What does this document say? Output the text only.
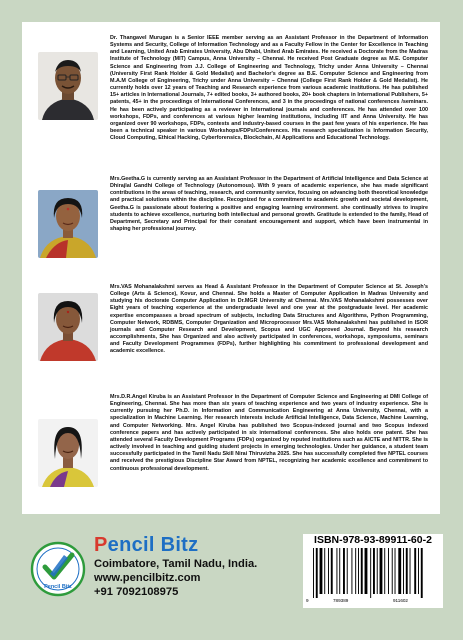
Dr. Thangavel Murugan is a Senior IEEE member serving as an Assistant Professor in the Department of Information Systems and Security, College of Information Technology and as a Faculty Fellow in the Center for Excellence in Teaching and Learning, United Arab Emirates University, Abu Dhabi, United Arab Emirates. He received a Doctorate from the Madras Institute of Technology (MIT) Campus, Anna University – Chennai. He received Post Graduate degree as M.E. Computer Science and Engineering from J.J. College of Engineering and Technology, Trichy under Anna University – Chennai (University First Rank Holder & Gold Medalist) and Bachelor's degree as B.E. Computer Science and Engineering from M.A.M College of Engineering, Trichy under Anna University – Chennai (College First Rank Holder & Gold Medalist). He currently holds over 12 years of Teaching and Research experience from various academic institutions. He has published 15+ articles in International Journals, 7+ edited books, 3+ authored books, 20+ book chapters in International Publishers, 5+ patents, 45+ in the proceedings of International Conferences, and 3 in the proceedings of national conferences /seminars. He has been actively participating as a reviewer in International journals and conferences. He has attended over 100 workshops, FDPs, and conferences at various higher learning institutions, including IIT and Anna University. He has organized over 90 workshops, FDPs, contests and industry-based courses in the past few years of his experience. He has been a technical speaker in various Workshops/FDPs/Conferences. His research specialization is Information Security, Cloud Computing, Ethical Hacking, Cyberforensics, Blockchain, AI Applications and Educational Technology.
Mrs.Geetha.G is currently serving as an Assistant Professor in the Department of Artificial Intelligence and Data Science at Dhirajlal Gandhi College of Technology (Autonomous). With 9 years of academic experience, she has made significant contributions in the areas of teaching, research, and community service, focusing on advancing both theoretical knowledge and practical solutions within the discipline. Recognized for a commitment to academic growth and societal development, Geetha.G is passionate about fostering a positive and engaging learning environment. she continually strives to inspire students to achieve excellence, nurturing both intellectual and personal growth. Gratitude is extended to the family, Head of Department, Secretary and Principal for their constant encouragement and support, which have been instrumental in shaping her professional journey.
Mrs.VAS Mohanalakshmi serves as Head & Assistant Professor in the Department of Computer Science at St. Joseph's College (Arts & Science), Kovur, and Chennai. She holds a Master of Computer Application in Madras University and studying his doctorate Computer Application in Dr.MGR University at Chennai. Mrs.VAS Mohanalakshmi possesses over Eight years of teaching experience at the undergraduate level and one year at the postgraduate level. Her academic expertise encompasses a broad spectrum of subjects, including Data Structures and Algorithms, Python Programming, Computer Network, RDBMS, Computer Organization and Microprocessor Mrs.VAS Mohanalakshmi has published in ISOR journals and Computer Research and Development, Scopus and UGC Approved Journal. Beyond his research accomplishments, She has Organized and also actively participated in conferences, workshops, symposiums, seminars and Faculty Development Programmes (FDPs), further highlighting his commitment to professional development and academic excellence.
Mrs.D.R.Angel Kiruba is an Assistant Professor in the Department of Computer Science and Engineering at DMI College of Engineering, Chennai. She has more than six years of teaching experience and two years of industry experience. She is currently pursuing her Ph.D. in Information and Communication Engineering at Anna University, Chennai, with a specialization in Machine Learning. Her research interests include Artificial Intelligence, Data Science, Machine Learning, and Computer Networking. Mrs. Angel Kiruba has published two Scopus-indexed journal and two Scopus indexed conference papers and has actively participated in six international conferences. She also holds one patent. She has attended several Faculty Development Programs (FDPs) organized by reputed institutions such as AICTE and NITTR. She is actively involved in teaching and guiding student projects in emerging technologies. Under her guidance, a student team successfully participated in the Tamil Nadu Skill Nirai Thiruvizha 2025. She has successfully completed five NPTEL courses and received the prestigious Discipline Star Award from NPTEL, recognizing her academic excellence and commitment to continuous professional development.
Pencil Bitz
Pencil Bitz
Coimbatore, Tamil Nadu, India.
www.pencilbitz.com
+91 7092108975
ISBN-978-93-89911-60-2
9	789389	911602
